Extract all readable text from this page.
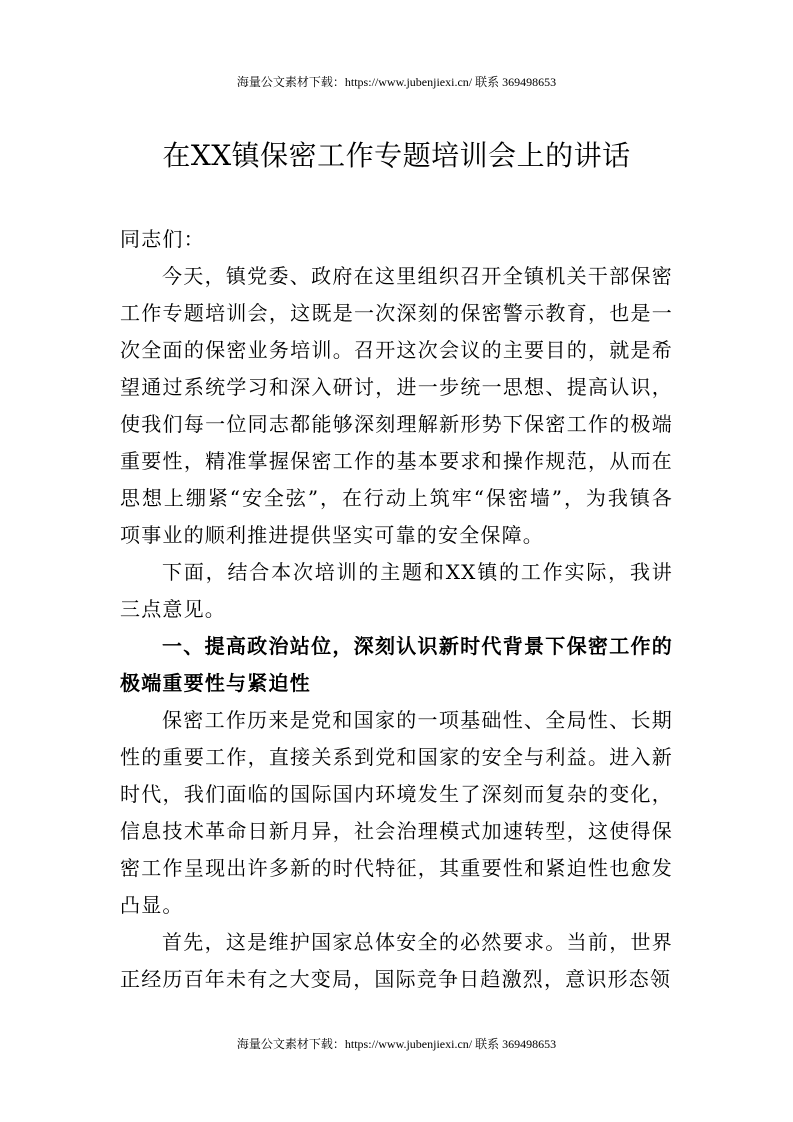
海量公文素材下载：https://www.jubenjiexi.cn/ 联系 369498653
在XX镇保密工作专题培训会上的讲话

同志们：

今天，镇党委、政府在这里组织召开全镇机关干部保密工作专题培训会，这既是一次深刻的保密警示教育，也是一次全面的保密业务培训。召开这次会议的主要目的，就是希望通过系统学习和深入研讨，进一步统一思想、提高认识，使我们每一位同志都能够深刻理解新形势下保密工作的极端重要性，精准掌握保密工作的基本要求和操作规范，从而在思想上绷紧“安全弦”，在行动上筑牢“保密墙”，为我镇各项事业的顺利推进提供坚实可靠的安全保障。

下面，结合本次培训的主题和XX镇的工作实际，我讲三点意见。

一、提高政治站位，深刻认识新时代背景下保密工作的极端重要性与紧迫性

保密工作历来是党和国家的一项基础性、全局性、长期性的重要工作，直接关系到党和国家的安全与利益。进入新时代，我们面临的国际国内环境发生了深刻而复杂的变化，信息技术革命日新月异，社会治理模式加速转型，这使得保密工作呈现出许多新的时代特征，其重要性和紧迫性也愈发凸显。

首先，这是维护国家总体安全的必然要求。当前，世界正经历百年未有之大变局，国际竞争日趋激烈，意识形态领

海量公文素材下载：https://www.jubenjiexi.cn/ 联系 369498653
